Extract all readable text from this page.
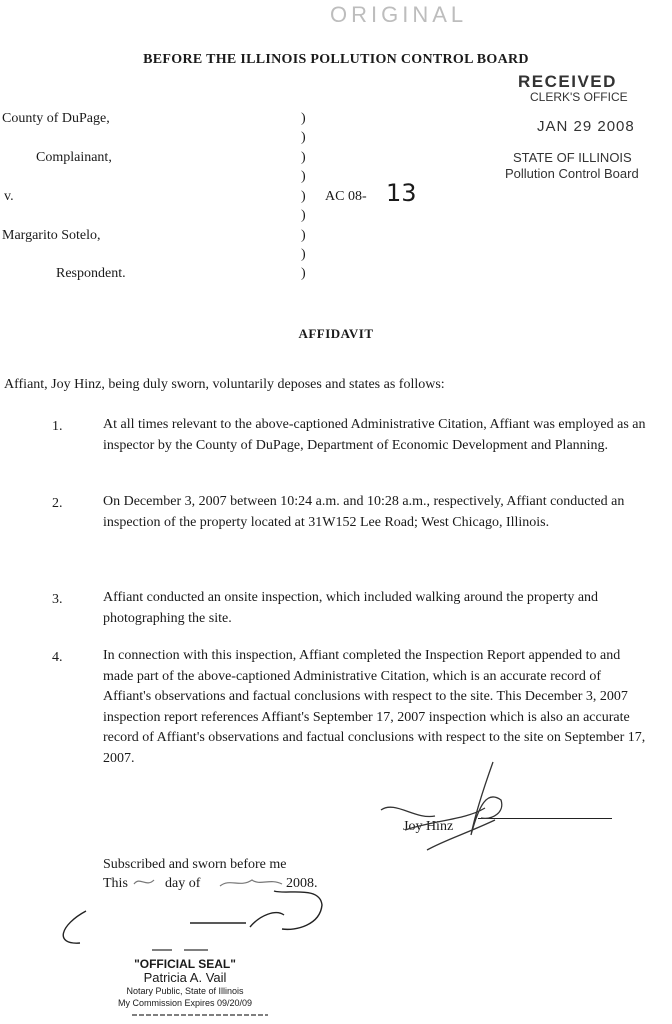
ORIGINAL
BEFORE THE ILLINOIS POLLUTION CONTROL BOARD
RECEIVED
CLERK'S OFFICE
JAN 29 2008
STATE OF ILLINOIS
Pollution Control Board
County of DuPage,
Complainant,
v.
Margarito Sotelo,
Respondent.
)
)
)
)
)
)
)
)
)
AC 08- 13
AFFIDAVIT
Affiant, Joy Hinz, being duly sworn, voluntarily deposes and states as follows:
1.	At all times relevant to the above-captioned Administrative Citation, Affiant was employed as an inspector by the County of DuPage, Department of Economic Development and Planning.
2.	On December 3, 2007 between 10:24 a.m. and 10:28 a.m., respectively, Affiant conducted an inspection of the property located at 31W152 Lee Road; West Chicago, Illinois.
3.	Affiant conducted an onsite inspection, which included walking around the property and photographing the site.
4.	In connection with this inspection, Affiant completed the Inspection Report appended to and made part of the above-captioned Administrative Citation, which is an accurate record of Affiant's observations and factual conclusions with respect to the site. This December 3, 2007 inspection report references Affiant's September 17, 2007 inspection which is also an accurate record of Affiant's observations and factual conclusions with respect to the site on September 17, 2007.
Joy Hinz
Subscribed and sworn before me
This	day of	2008.
"OFFICIAL SEAL"
Patricia A. Vail
Notary Public, State of Illinois
My Commission Expires 09/20/09
